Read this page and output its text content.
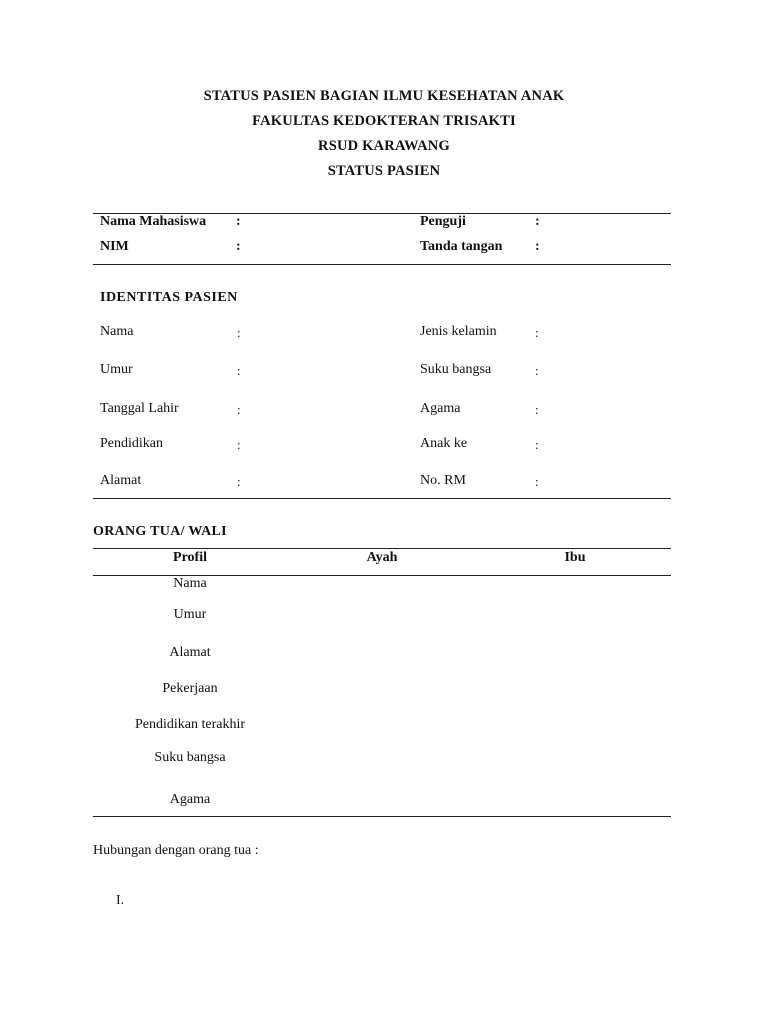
STATUS PASIEN BAGIAN ILMU KESEHATAN ANAK
FAKULTAS KEDOKTERAN TRISAKTI
RSUD KARAWANG
STATUS PASIEN
Nama Mahasiswa :	Penguji	:
NIM	:	Tanda tangan :
IDENTITAS PASIEN
Nama	:	Jenis kelamin	:
Umur	:	Suku bangsa	:
Tanggal Lahir	:	Agama	:
Pendidikan	:	Anak ke	:
Alamat	:	No. RM	:
ORANG TUA/ WALI
Profil	Ayah	Ibu
Nama
Umur
Alamat
Pekerjaan
Pendidikan terakhir
Suku bangsa
Agama
Hubungan dengan orang tua :
I.
